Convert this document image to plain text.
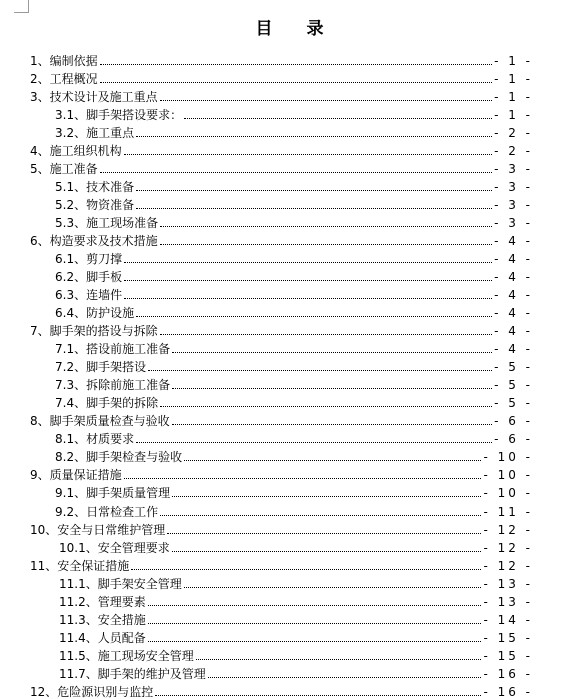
目 录
1、 编制依据	- 1 -
2、 工程概况	- 1 -
3、 技术设计及施工重点	- 1 -
3.1、 脚手架搭设要求：	- 1 -
3.2、 施工重点	- 2 -
4、 施工组织机构	- 2 -
5、 施工准备	- 3 -
5.1、 技术准备	- 3 -
5.2、 物资准备	- 3 -
5.3、 施工现场准备	- 3 -
6、 构造要求及技术措施	- 4 -
6.1、 剪刀撑	- 4 -
6.2、 脚手板	- 4 -
6.3、 连墙件	- 4 -
6.4、 防护设施	- 4 -
7、 脚手架的搭设与拆除	- 4 -
7.1、 搭设前施工准备	- 4 -
7.2、 脚手架搭设	- 5 -
7.3、 拆除前施工准备	- 5 -
7.4、 脚手架的拆除	- 5 -
8、 脚手架质量检查与验收	- 6 -
8.1、 材质要求	- 6 -
8.2、 脚手架检查与验收	- 10 -
9、 质量保证措施	- 10 -
9.1、 脚手架质量管理	- 10 -
9.2、 日常检查工作	- 11 -
10、 安全与日常维护管理	- 12 -
10.1、 安全管理要求	- 12 -
11、 安全保证措施	- 12 -
11.1、 脚手架安全管理	- 13 -
11.2、 管理要素	- 13 -
11.3、 安全措施	- 14 -
11.4、 人员配备	- 15 -
11.5、 施工现场安全管理	- 15 -
11.7、 脚手架的维护及管理	- 16 -
12、 危险源识别与监控	- 16 -
